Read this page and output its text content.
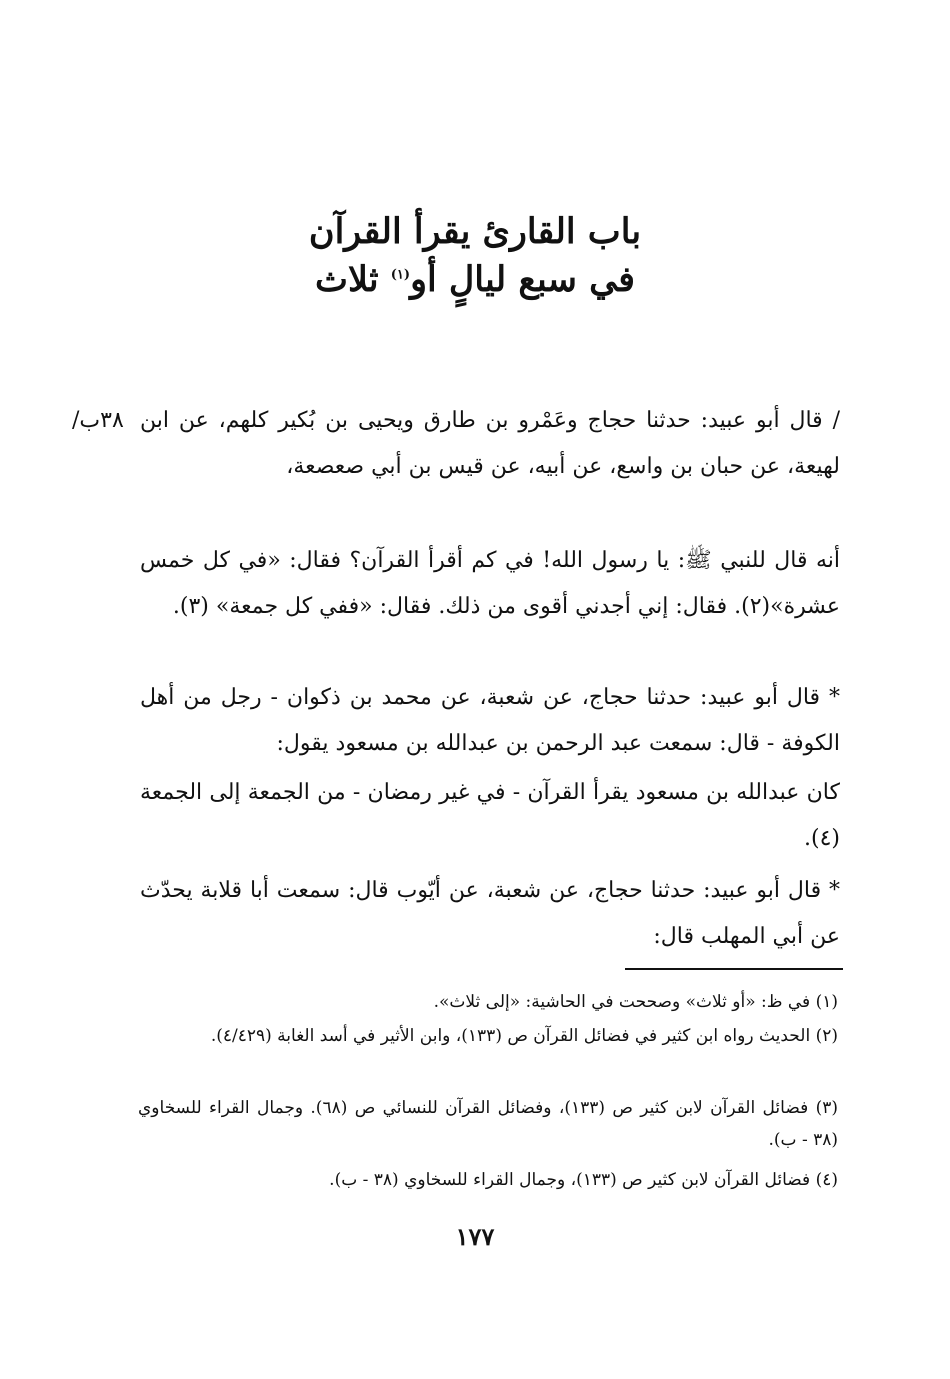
باب القارئ يقرأ القرآن
في سبع ليالٍ أو$^{(١)}$ ثلاث
/٣٨ب / قال أبو عبيد: حدثنا حجاج وعَمْرو بن طارق ويحيى بن بُكير كلهم، عن ابن لهيعة، عن حبان بن واسع، عن أبيه، عن قيس بن أبي صعصعة،

أنه قال للنبي ﷺ: يا رسول الله! في كم أقرأ القرآن؟ فقال: «في كل خمس عشرة»(٢). فقال: إني أجدني أقوى من ذلك. فقال: «ففي كل جمعة» (٣).

* قال أبو عبيد: حدثنا حجاج، عن شعبة، عن محمد بن ذكوان - رجل من أهل الكوفة - قال: سمعت عبد الرحمن بن عبدالله بن مسعود يقول:

كان عبدالله بن مسعود يقرأ القرآن - في غير رمضان - من الجمعة إلى الجمعة (٤).

* قال أبو عبيد: حدثنا حجاج، عن شعبة، عن أيّوب قال: سمعت أبا قلابة يحدّث عن أبي المهلب قال:

(١) في ظ: «أو ثلاث» وصححت في الحاشية: «إلى ثلاث».

(٢) الحديث رواه ابن كثير في فضائل القرآن ص (١٣٣)، وابن الأثير في أسد الغابة (٤/٤٢٩).

(٣) فضائل القرآن لابن كثير ص (١٣٣)، وفضائل القرآن للنسائي ص (٦٨). وجمال القراء للسخاوي (٣٨ - ب).

(٤) فضائل القرآن لابن كثير ص (١٣٣)، وجمال القراء للسخاوي (٣٨ - ب).

١٧٧
